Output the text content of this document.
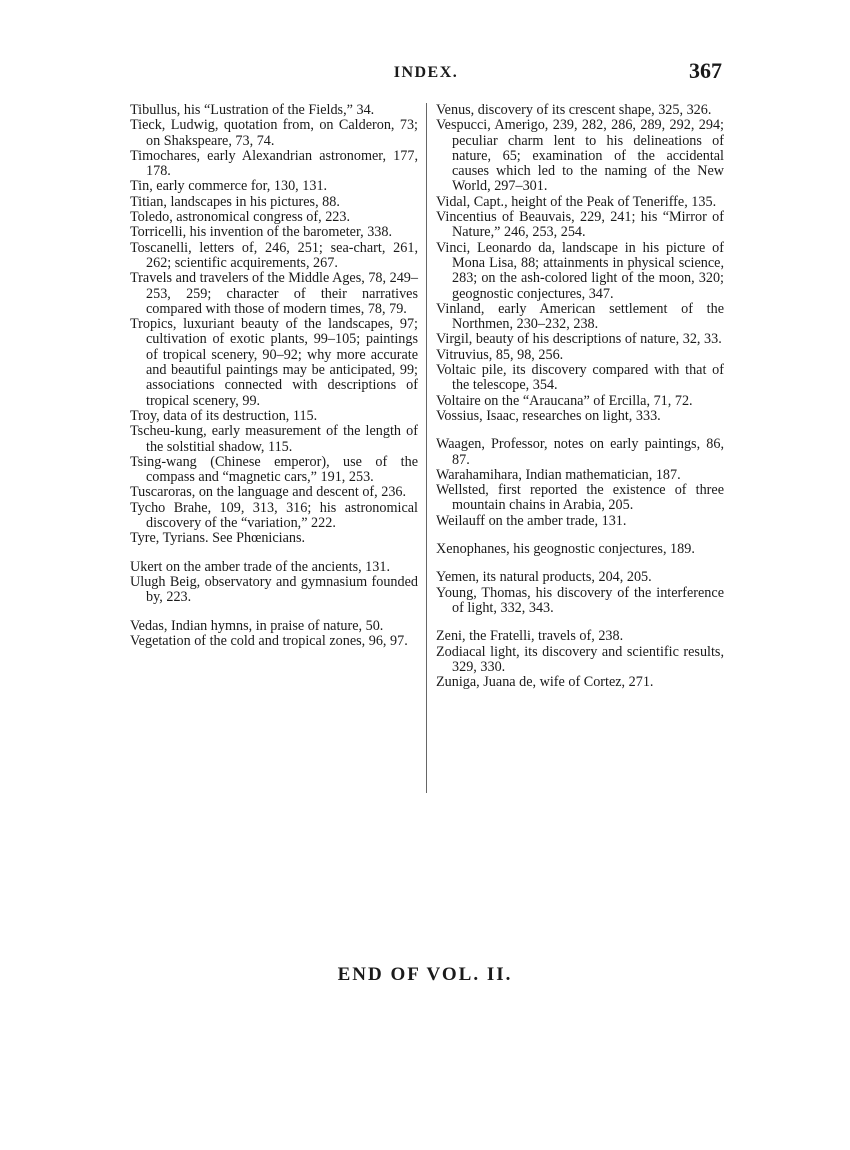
INDEX.	367

Tibullus, his “Lustration of the Fields,” 34.

Tieck, Ludwig, quotation from, on Calderon, 73; on Shakspeare, 73, 74.

Timochares, early Alexandrian astronomer, 177, 178.

Tin, early commerce for, 130, 131.

Titian, landscapes in his pictures, 88.

Toledo, astronomical congress of, 223.

Torricelli, his invention of the barometer, 338.

Toscanelli, letters of, 246, 251; sea-chart, 261, 262; scientific acquirements, 267.

Travels and travelers of the Middle Ages, 78, 249–253, 259; character of their narratives compared with those of modern times, 78, 79.

Tropics, luxuriant beauty of the landscapes, 97; cultivation of exotic plants, 99–105; paintings of tropical scenery, 90–92; why more accurate and beautiful paintings may be anticipated, 99; associations connected with descriptions of tropical scenery, 99.

Troy, data of its destruction, 115.

Tscheu-kung, early measurement of the length of the solstitial shadow, 115.

Tsing-wang (Chinese emperor), use of the compass and “magnetic cars,” 191, 253.

Tuscaroras, on the language and descent of, 236.

Tycho Brahe, 109, 313, 316; his astronomical discovery of the “variation,” 222.

Tyre, Tyrians. See Phœnicians.

Ukert on the amber trade of the ancients, 131.

Ulugh Beig, observatory and gymnasium founded by, 223.

Vedas, Indian hymns, in praise of nature, 50.

Vegetation of the cold and tropical zones, 96, 97.

Venus, discovery of its crescent shape, 325, 326.

Vespucci, Amerigo, 239, 282, 286, 289, 292, 294; peculiar charm lent to his delineations of nature, 65; examination of the accidental causes which led to the naming of the New World, 297–301.

Vidal, Capt., height of the Peak of Teneriffe, 135.

Vincentius of Beauvais, 229, 241; his “Mirror of Nature,” 246, 253, 254.

Vinci, Leonardo da, landscape in his picture of Mona Lisa, 88; attainments in physical science, 283; on the ash-colored light of the moon, 320; geognostic conjectures, 347.

Vinland, early American settlement of the Northmen, 230–232, 238.

Virgil, beauty of his descriptions of nature, 32, 33.

Vitruvius, 85, 98, 256.

Voltaic pile, its discovery compared with that of the telescope, 354.

Voltaire on the “Araucana” of Ercilla, 71, 72.

Vossius, Isaac, researches on light, 333.

Waagen, Professor, notes on early paintings, 86, 87.

Warahamihara, Indian mathematician, 187.

Wellsted, first reported the existence of three mountain chains in Arabia, 205.

Weilauff on the amber trade, 131.

Xenophanes, his geognostic conjectures, 189.

Yemen, its natural products, 204, 205.

Young, Thomas, his discovery of the interference of light, 332, 343.

Zeni, the Fratelli, travels of, 238.

Zodiacal light, its discovery and scientific results, 329, 330.

Zuniga, Juana de, wife of Cortez, 271.

END OF VOL. II.
